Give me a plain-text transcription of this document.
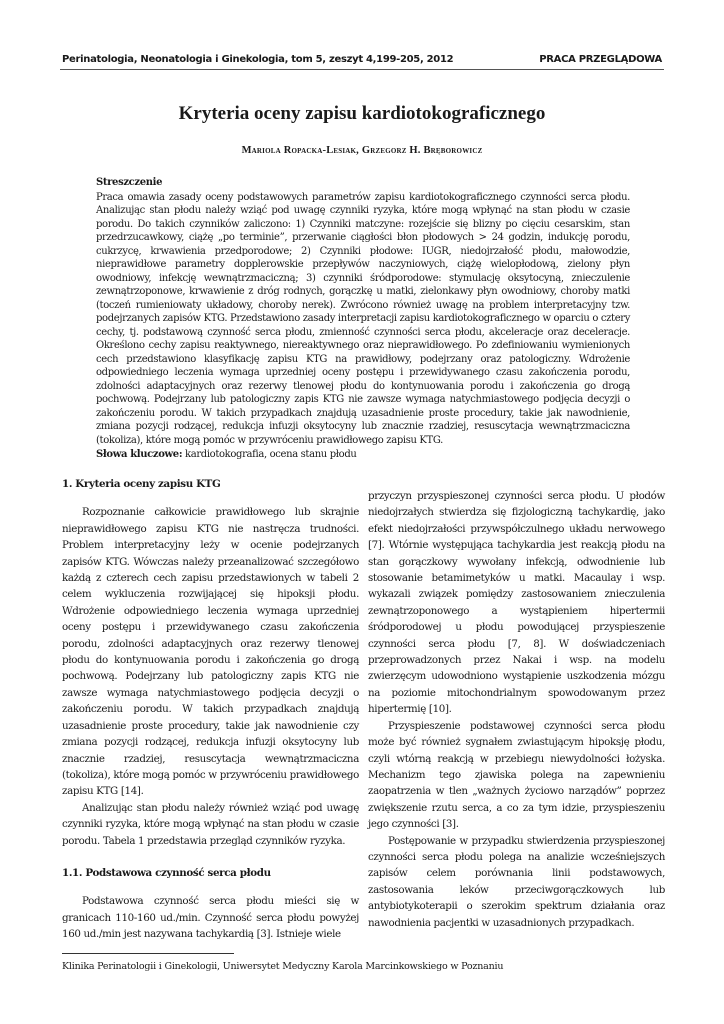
Perinatologia, Neonatologia i Ginekologia, tom 5, zeszyt 4,199-205, 2012	PRACA PRZEGLĄDOWA
Kryteria oceny zapisu kardiotokograficznego
Mariola Ropacka-Lesiak, Grzegorz H. Bręborowicz
Streszczenie
Praca omawia zasady oceny podstawowych parametrów zapisu kardiotokograficznego czynności serca płodu. Analizując stan płodu należy wziąć pod uwagę czynniki ryzyka, które mogą wpłynąć na stan płodu w czasie porodu. Do takich czynników zaliczono: 1) Czynniki matczyne: rozejście się blizny po cięciu cesarskim, stan przedrzucawkowy, ciążę „po terminie”, przerwanie ciągłości błon płodowych > 24 godzin, indukcję porodu, cukrzycę, krwawienia przedporodowe; 2) Czynniki płodowe: IUGR, niedojrzałość płodu, małowodzie, nieprawidłowe parametry dopplerowskie przepływów naczyniowych, ciążę wielopłodową, zielony płyn owodniowy, infekcję wewnątrzmaciczną; 3) czynniki śródporodowe: stymulację oksytocyną, znieczulenie zewnątrzoponowe, krwawienie z dróg rodnych, gorączkę u matki, zielonkawy płyn owodniowy, choroby matki (toczeń rumieniowaty układowy, choroby nerek). Zwrócono również uwagę na problem interpretacyjny tzw. podejrzanych zapisów KTG. Przedstawiono zasady interpretacji zapisu kardiotokograficznego w oparciu o cztery cechy, tj. podstawową czynność serca płodu, zmienność czynności serca płodu, akceleracje oraz deceleracje. Określono cechy zapisu reaktywnego, niereaktywnego oraz nieprawidłowego. Po zdefiniowaniu wymienionych cech przedstawiono klasyfikację zapisu KTG na prawidłowy, podejrzany oraz patologiczny. Wdrożenie odpowiedniego leczenia wymaga uprzedniej oceny postępu i przewidywanego czasu zakończenia porodu, zdolności adaptacyjnych oraz rezerwy tlenowej płodu do kontynuowania porodu i zakończenia go drogą pochwową. Podejrzany lub patologiczny zapis KTG nie zawsze wymaga natychmiastowego podjęcia decyzji o zakończeniu porodu. W takich przypadkach znajdują uzasadnienie proste procedury, takie jak nawodnienie, zmiana pozycji rodzącej, redukcja infuzji oksytocyny lub znacznie rzadziej, resuscytacja wewnątrzmaciczna (tokoliza), które mogą pomóc w przywróceniu prawidłowego zapisu KTG.
Słowa kluczowe: kardiotokografia, ocena stanu płodu
1. Kryteria oceny zapisu KTG

Rozpoznanie całkowicie prawidłowego lub skrajnie nieprawidłowego zapisu KTG nie nastręcza trudności. Problem interpretacyjny leży w ocenie podejrzanych zapisów KTG. Wówczas należy przeanalizować szczegółowo każdą z czterech cech zapisu przedstawionych w tabeli 2 celem wykluczenia rozwijającej się hipoksji płodu. Wdrożenie odpowiedniego leczenia wymaga uprzedniej oceny postępu i przewidywanego czasu zakończenia porodu, zdolności adaptacyjnych oraz rezerwy tlenowej płodu do kontynuowania porodu i zakończenia go drogą pochwową. Podejrzany lub patologiczny zapis KTG nie zawsze wymaga natychmiastowego podjęcia decyzji o zakończeniu porodu. W takich przypadkach znajdują uzasadnienie proste procedury, takie jak nawodnienie czy zmiana pozycji rodzącej, redukcja infuzji oksytocyny lub znacznie rzadziej, resuscytacja wewnątrzmaciczna (tokoliza), które mogą pomóc w przywróceniu prawidłowego zapisu KTG [14].

Analizując stan płodu należy również wziąć pod uwagę czynniki ryzyka, które mogą wpłynąć na stan płodu w czasie porodu. Tabela 1 przedstawia przegląd czynników ryzyka.

1.1. Podstawowa czynność serca płodu

Podstawowa czynność serca płodu mieści się w granicach 110-160 ud./min. Czynność serca płodu powyżej 160 ud./min jest nazywana tachykardią [3]. Istnieje wiele

przyczyn przyspieszonej czynności serca płodu. U płodów niedojrzałych stwierdza się fizjologiczną tachykardię, jako efekt niedojrzałości przywspółczulnego układu nerwowego [7]. Wtórnie występująca tachykardia jest reakcją płodu na stan gorączkowy wywołany infekcją, odwodnienie lub stosowanie betamimetyków u matki. Macaulay i wsp. wykazali związek pomiędzy zastosowaniem znieczulenia zewnątrzoponowego a wystąpieniem hipertermii śródporodowej u płodu powodującej przyspieszenie czynności serca płodu [7, 8]. W doświadczeniach przeprowadzonych przez Nakai i wsp. na modelu zwierzęcym udowodniono wystąpienie uszkodzenia mózgu na poziomie mitochondrialnym spowodowanym przez hipertermię [10].

Przyspieszenie podstawowej czynności serca płodu może być również sygnałem zwiastującym hipoksję płodu, czyli wtórną reakcją w przebiegu niewydolności łożyska. Mechanizm tego zjawiska polega na zapewnieniu zaopatrzenia w tlen „ważnych życiowo narządów” poprzez zwiększenie rzutu serca, a co za tym idzie, przyspieszeniu jego czynności [3].

Postępowanie w przypadku stwierdzenia przyspieszonej czynności serca płodu polega na analizie wcześniejszych zapisów celem porównania linii podstawowych, zastosowania leków przeciwgorączkowych lub antybiotykoterapii o szerokim spektrum działania oraz nawodnienia pacjentki w uzasadnionych przypadkach.

Klinika Perinatologii i Ginekologii, Uniwersytet Medyczny Karola Marcinkowskiego w Poznaniu
